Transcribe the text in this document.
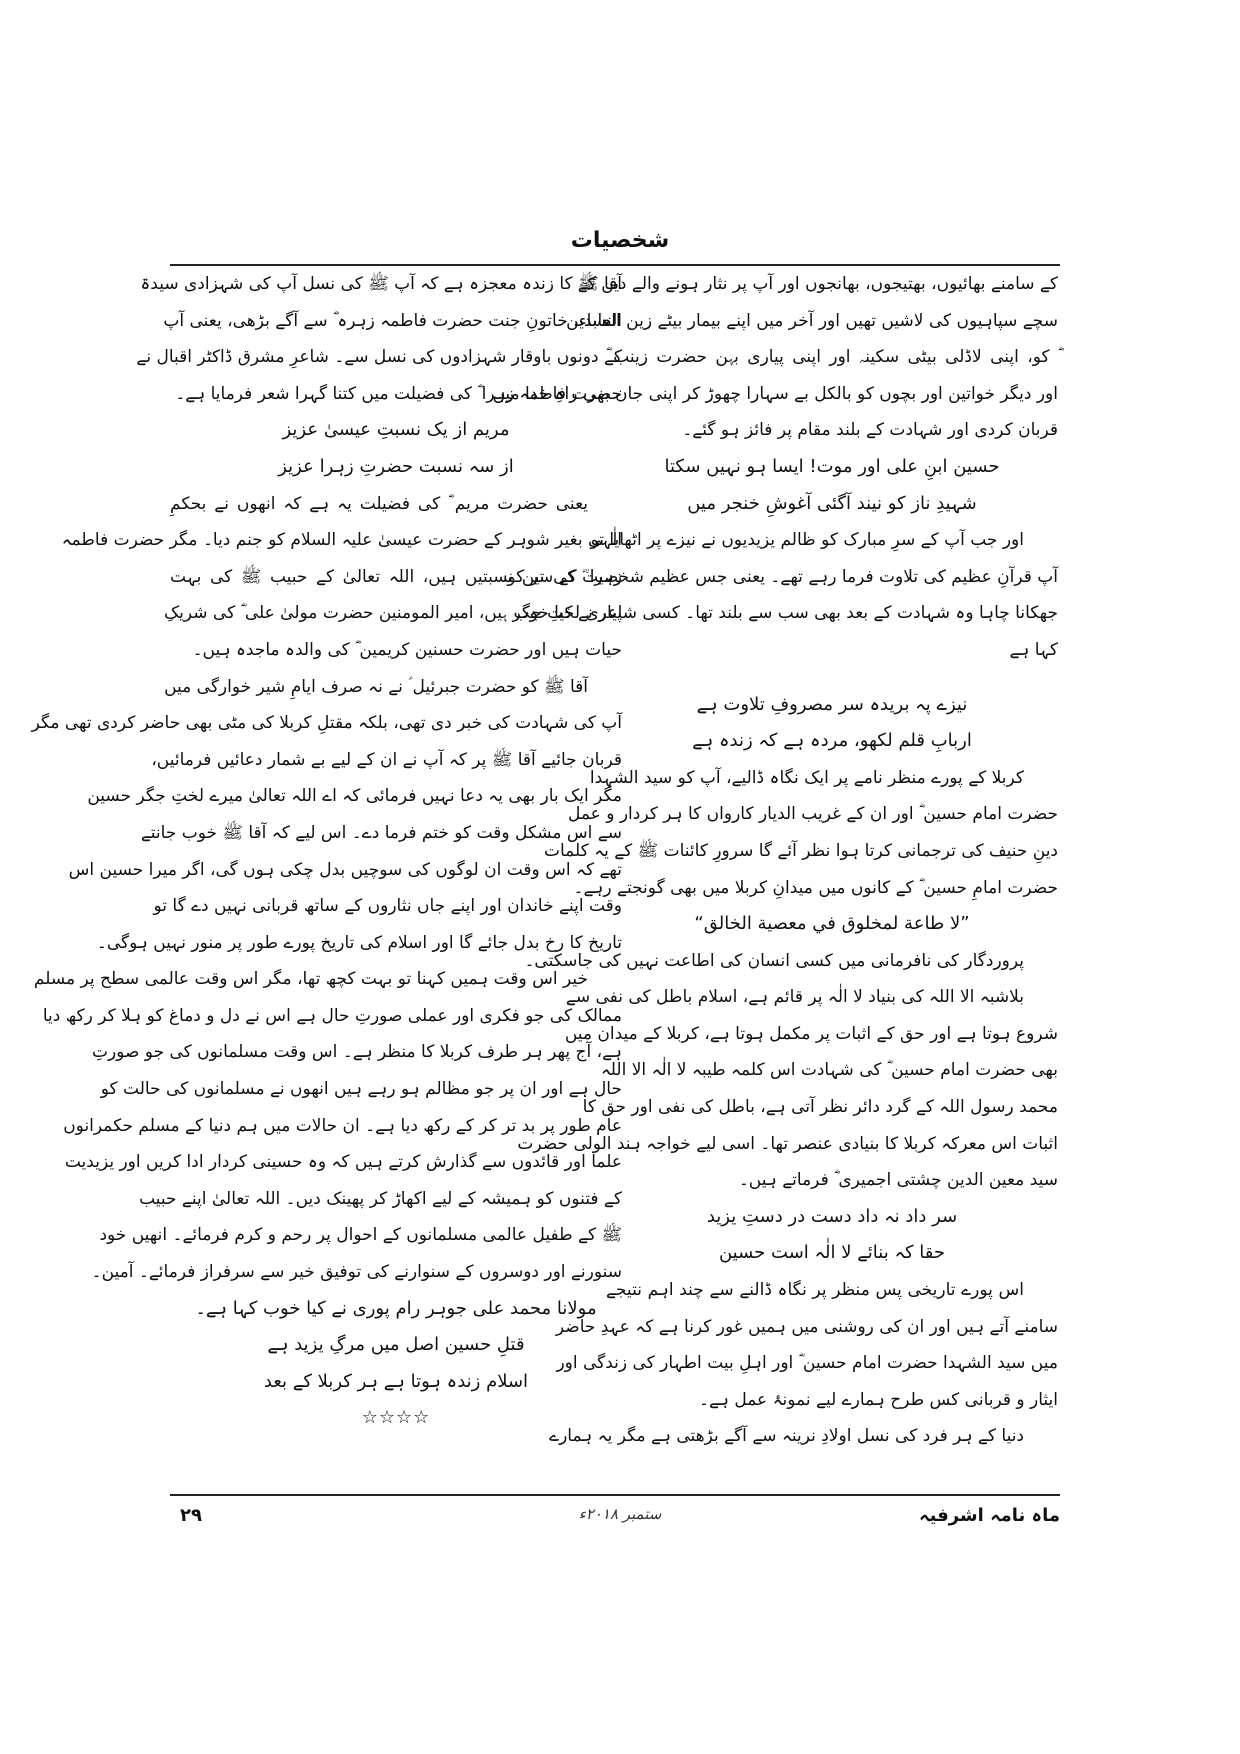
شخصیات
کے سامنے بھائیوں، بھتیجوں، بھانجوں اور آپ پر نثار ہونے والے دین کے
سچے سپاہیوں کی لاشیں تھیں اور آخر میں اپنے بیمار بیٹے زین العابدین
ؓ کو، اپنی لاڈلی بیٹی سکینہ اور اپنی پیاری بہن حضرت زینب ؓ
اور دیگر خواتین اور بچوں کو بالکل بے سہارا چھوڑ کر اپنی جان بھی راہِ خدا میں
قربان کردی اور شہادت کے بلند مقام پر فائز ہو گئے۔
حسین ابنِ علی اور موت! ایسا ہو نہیں سکتا
شہیدِ ناز کو نیند آگئی آغوشِ خنجر میں
اور جب آپ کے سرِ مبارک کو ظالم یزیدیوں نے نیزے پر اٹھایا تو
آپ قرآنِ عظیم کی تلاوت فرما رہے تھے۔ یعنی جس عظیم شخصیت کے سر کو
جھکانا چاہا وہ شہادت کے بعد بھی سب سے بلند تھا۔ کسی شاعر نے کیا خوب
کہا ہے
نیزے پہ بریدہ سر مصروفِ تلاوت ہے
اربابِ قلم لکھو، مردہ ہے کہ زندہ ہے
کربلا کے پورے منظر نامے پر ایک نگاہ ڈالیے، آپ کو سید الشہدا
حضرت امام حسین ؓ اور ان کے غریب الدیار کارواں کا ہر کردار و عمل
دینِ حنیف کی ترجمانی کرتا ہوا نظر آئے گا سرورِ کائنات ﷺ کے یہ کلمات
حضرت امامِ حسین ؓ کے کانوں میں میدانِ کربلا میں بھی گونجتے رہے۔
”لا طاعة لمخلوق في معصية الخالق“
پروردگار کی نافرمانی میں کسی انسان کی اطاعت نہیں کی جاسکتی۔
بلاشبہ الا اللہ کی بنیاد لا الٰہ پر قائم ہے، اسلام باطل کی نفی سے
شروع ہوتا ہے اور حق کے اثبات پر مکمل ہوتا ہے، کربلا کے میدان میں
بھی حضرت امام حسین ؓ کی شہادت اس کلمہ طیبہ لا الٰہ الا اللہ
محمد رسول اللہ کے گرد دائر نظر آتی ہے، باطل کی نفی اور حق کا
اثبات اس معرکہ کربلا کا بنیادی عنصر تھا۔ اسی لیے خواجہ ہند الولی حضرت
سید معین الدین چشتی اجمیری ؓ فرماتے ہیں۔
سر داد نہ داد دست در دستِ یزید
حقا کہ بنائے لا الٰہ است حسین
اس پورے تاریخی پس منظر پر نگاہ ڈالنے سے چند اہم نتیجے
سامنے آتے ہیں اور ان کی روشنی میں ہمیں غور کرنا ہے کہ عہدِ حاضر
میں سید الشہدا حضرت امام حسین ؓ اور اہلِ بیت اطہار کی زندگی اور
ایثار و قربانی کس طرح ہمارے لیے نمونۂ عمل ہے۔
دنیا کے ہر فرد کی نسل اولادِ نرینہ سے آگے بڑھتی ہے مگر یہ ہمارے
آقا ﷺ کا زندہ معجزہ ہے کہ آپ ﷺ کی نسل آپ کی شہزادی سیدۃ
النساء، خاتونِ جنت حضرت فاطمہ زہرہ ؓ سے آگے بڑھی، یعنی آپ
کے دونوں باوقار شہزادوں کی نسل سے۔ شاعرِ مشرق ڈاکٹر اقبال نے
حضرت فاطمہ زہرا ؓ کی فضیلت میں کتنا گہرا شعر فرمایا ہے۔
مریم از یک نسبتِ عیسیٰ عزیز
از سہ نسبت حضرتِ زہرا عزیز
یعنی حضرت مریم ؓ کی فضیلت یہ ہے کہ انھوں نے بحکمِ
الٰہی بغیر شوہر کے حضرت عیسیٰ علیہ السلام کو جنم دیا۔ مگر حضرت فاطمہ
زہرا ؓ کی تین نسبتیں ہیں، اللہ تعالیٰ کے حبیب ﷺ کی بہت
پیاری لختِ جگر ہیں، امیر المومنین حضرت مولیٰ علی ؓ کی شریکِ
حیات ہیں اور حضرت حسنین کریمین ؓ کی والدہ ماجدہ ہیں۔
آقا ﷺ کو حضرت جبرئیل ؑ نے نہ صرف ایامِ شیر خوارگی میں
آپ کی شہادت کی خبر دی تھی، بلکہ مقتلِ کربلا کی مٹی بھی حاضر کردی تھی مگر
قربان جائیے آقا ﷺ پر کہ آپ نے ان کے لیے بے شمار دعائیں فرمائیں،
مگر ایک بار بھی یہ دعا نہیں فرمائی کہ اے اللہ تعالیٰ میرے لختِ جگر حسین
سے اس مشکل وقت کو ختم فرما دے۔ اس لیے کہ آقا ﷺ خوب جانتے
تھے کہ اس وقت ان لوگوں کی سوچیں بدل چکی ہوں گی، اگر میرا حسین اس
وقت اپنے خاندان اور اپنے جاں نثاروں کے ساتھ قربانی نہیں دے گا تو
تاریخ کا رخ بدل جائے گا اور اسلام کی تاریخ پورے طور پر منور نہیں ہوگی۔
خیر اس وقت ہمیں کہنا تو بہت کچھ تھا، مگر اس وقت عالمی سطح پر مسلم
ممالک کی جو فکری اور عملی صورتِ حال ہے اس نے دل و دماغ کو ہلا کر رکھ دیا
ہے، آج پھر ہر طرف کربلا کا منظر ہے۔ اس وقت مسلمانوں کی جو صورتِ
حال ہے اور ان پر جو مظالم ہو رہے ہیں انھوں نے مسلمانوں کی حالت کو
عام طور پر بد تر کر کے رکھ دیا ہے۔ ان حالات میں ہم دنیا کے مسلم حکمرانوں
علما اور قائدوں سے گذارش کرتے ہیں کہ وہ حسینی کردار ادا کریں اور یزیدیت
کے فتنوں کو ہمیشہ کے لیے اکھاڑ کر پھینک دیں۔ اللہ تعالیٰ اپنے حبیب
ﷺ کے طفیل عالمی مسلمانوں کے احوال پر رحم و کرم فرمائے۔ انھیں خود
سنورنے اور دوسروں کے سنوارنے کی توفیق خیر سے سرفراز فرمائے۔ آمین۔
مولانا محمد علی جوہر رام پوری نے کیا خوب کہا ہے۔
قتلِ حسین اصل میں مرگِ یزید ہے
اسلام زندہ ہوتا ہے ہر کربلا کے بعد
☆☆☆☆
ماہ نامہ اشرفیہ
ستمبر ۲۰۱۸ء
۲۹
